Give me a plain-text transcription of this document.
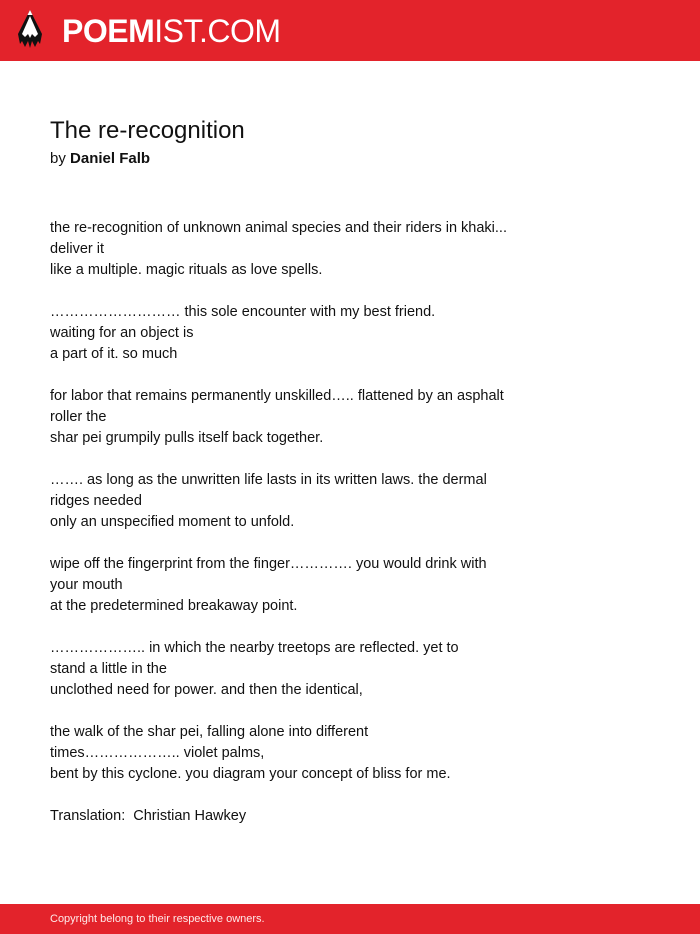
POEMIST.COM
The re-recognition
by Daniel Falb

the re-recognition of unknown animal species and their riders in khaki...
deliver it
like a multiple. magic rituals as love spells.

……………………… this sole encounter with my best friend.
waiting for an object is
a part of it. so much

for labor that remains permanently unskilled….. flattened by an asphalt
roller the
shar pei grumpily pulls itself back together.

……. as long as the unwritten life lasts in its written laws. the dermal
ridges needed
only an unspecified moment to unfold.

wipe off the fingerprint from the finger…………. you would drink with
your mouth
at the predetermined breakaway point.

……………….. in which the nearby treetops are reflected. yet to
stand a little in the
unclothed need for power. and then the identical,

the walk of the shar pei, falling alone into different
times……………….. violet palms,
bent by this cyclone. you diagram your concept of bliss for me.

Translation:  Christian Hawkey
Copyright belong to their respective owners.
